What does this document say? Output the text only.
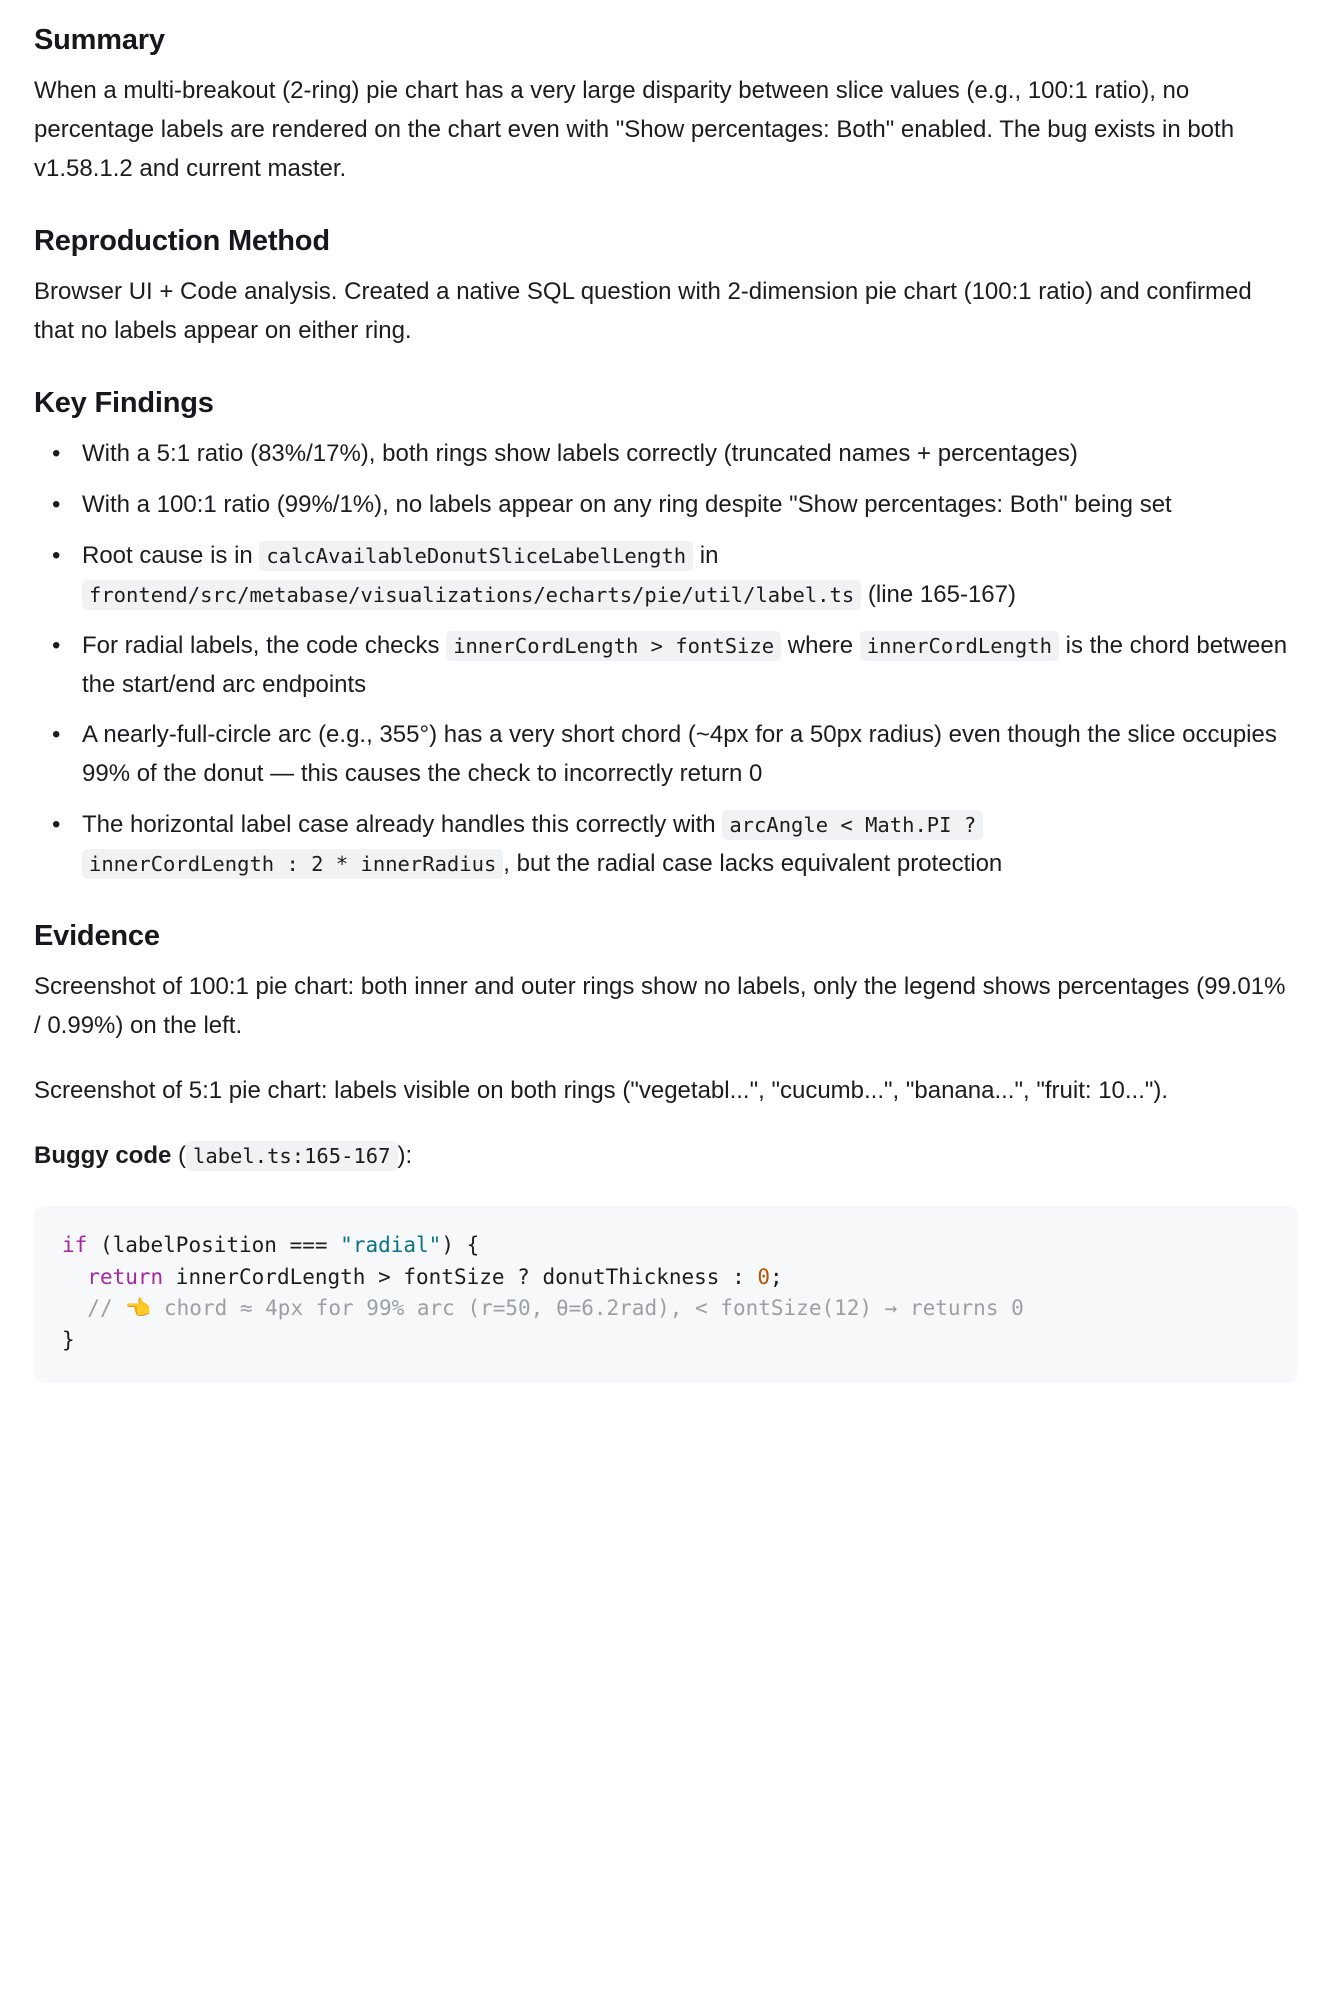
Summary

When a multi-breakout (2-ring) pie chart has a very large disparity between slice values (e.g., 100:1 ratio), no percentage labels are rendered on the chart even with "Show percentages: Both" enabled. The bug exists in both v1.58.1.2 and current master.

Reproduction Method

Browser UI + Code analysis. Created a native SQL question with 2-dimension pie chart (100:1 ratio) and confirmed that no labels appear on either ring.

Key Findings
• With a 5:1 ratio (83%/17%), both rings show labels correctly (truncated names + percentages)
• With a 100:1 ratio (99%/1%), no labels appear on any ring despite "Show percentages: Both" being set
• Root cause is in calcAvailableDonutSliceLabelLength in frontend/src/metabase/visualizations/echarts/pie/util/label.ts (line 165-167)
• For radial labels, the code checks innerCordLength > fontSize where innerCordLength is the chord between the start/end arc endpoints
• A nearly-full-circle arc (e.g., 355°) has a very short chord (~4px for a 50px radius) even though the slice occupies 99% of the donut — this causes the check to incorrectly return 0
• The horizontal label case already handles this correctly with arcAngle < Math.PI ? innerCordLength : 2 * innerRadius , but the radial case lacks equivalent protection
Evidence

Screenshot of 100:1 pie chart: both inner and outer rings show no labels, only the legend shows percentages (99.01% / 0.99%) on the left.

Screenshot of 5:1 pie chart: labels visible on both rings ("vegetabl...", "cucumb...", "banana...", "fruit: 10...").

Buggy code ( label.ts:165-167 ):

if (labelPosition === "radial") {
return innerCordLength > fontSize ? donutThickness : 0;
// 👈 chord ≈ 4px for 99% arc (r=50, θ=6.2rad), < fontSize(12) → returns 0
}
